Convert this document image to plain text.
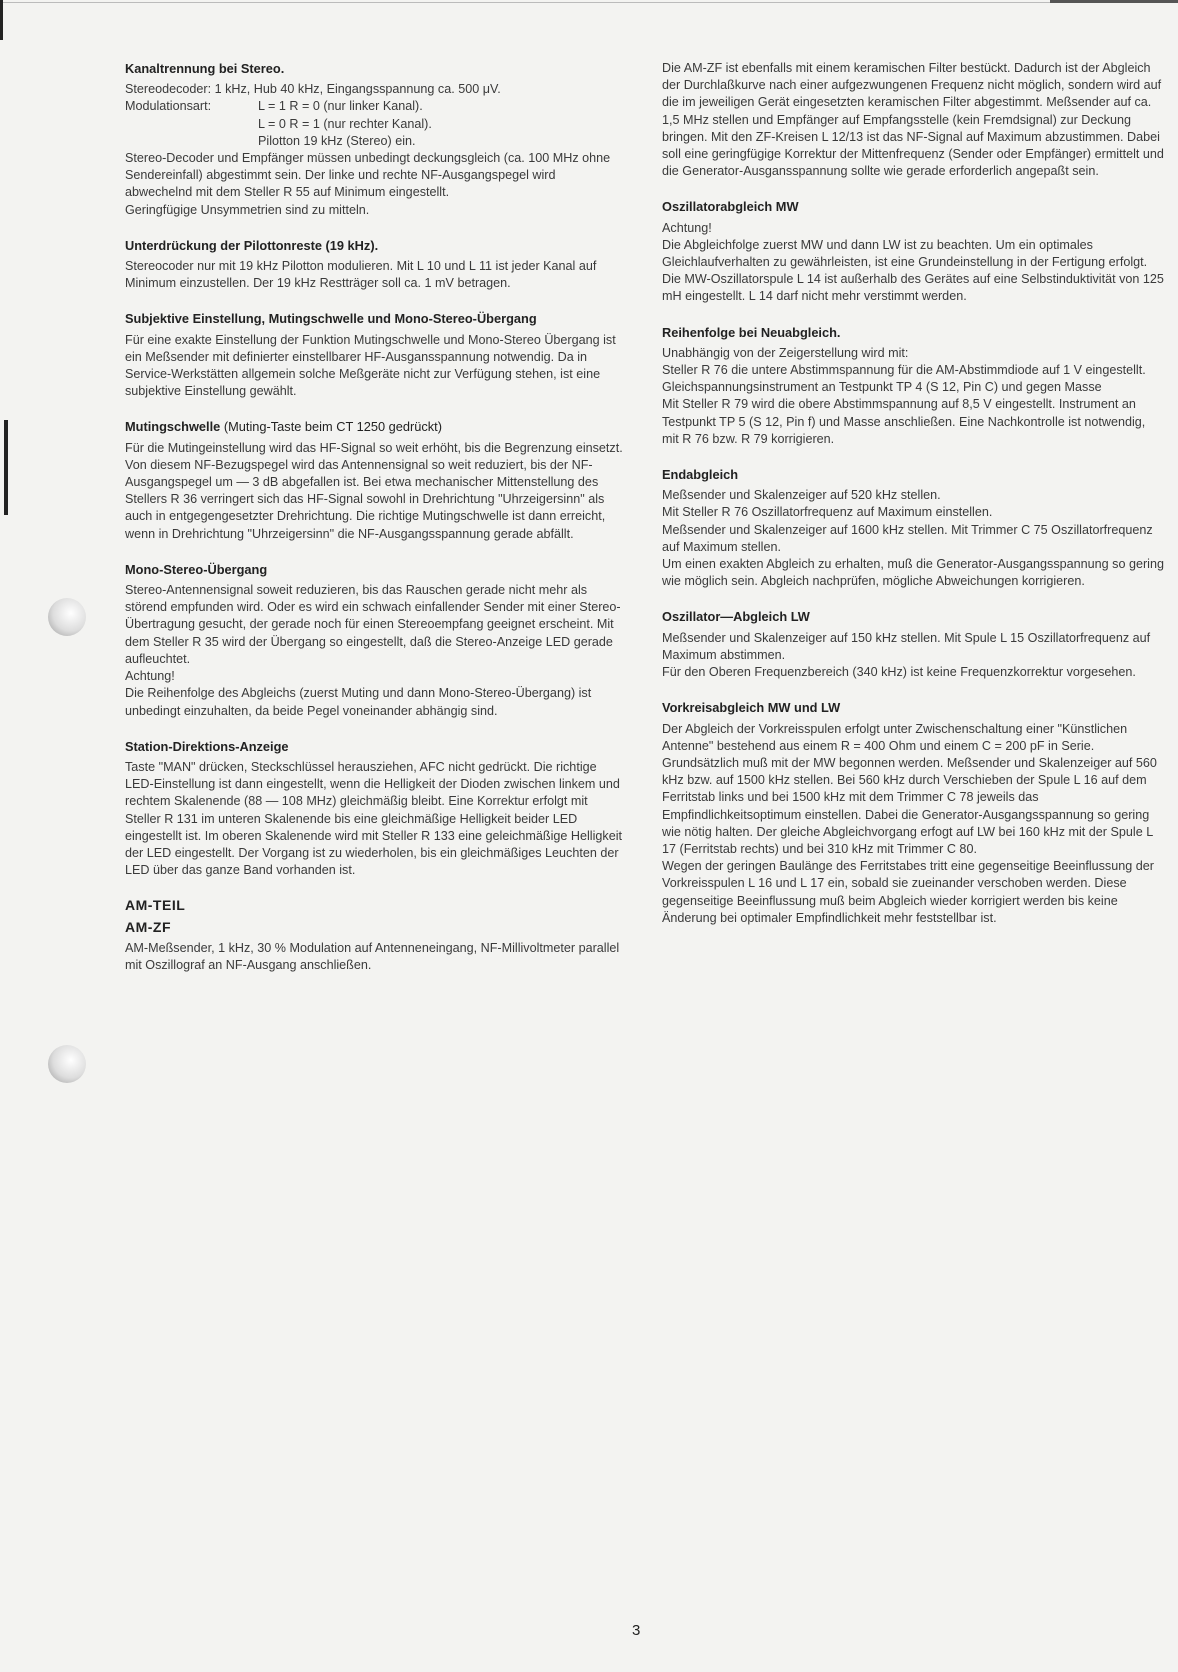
Kanaltrennung bei Stereo.

Stereodecoder: 1 kHz, Hub 40 kHz, Eingangsspannung ca. 500 μV.

Modulationsart:	L = 1 R = 0 (nur linker Kanal).

L = 0 R = 1 (nur rechter Kanal).

Pilotton 19 kHz (Stereo) ein.

Stereo-Decoder und Empfänger müssen unbedingt deckungsgleich (ca. 100 MHz ohne Sendereinfall) abgestimmt sein. Der linke und rechte NF-Ausgangspegel wird abwechelnd mit dem Steller R 55 auf Minimum eingestellt.

Geringfügige Unsymmetrien sind zu mitteln.

Unterdrückung der Pilottonreste (19 kHz).

Stereocoder nur mit 19 kHz Pilotton modulieren. Mit L 10 und L 11 ist jeder Kanal auf Minimum einzustellen. Der 19 kHz Restträger soll ca. 1 mV betragen.

Subjektive Einstellung, Mutingschwelle und Mono-Stereo-Übergang

Für eine exakte Einstellung der Funktion Mutingschwelle und Mono-Stereo Übergang ist ein Meßsender mit definierter einstellbarer HF-Ausgansspannung notwendig. Da in Service-Werkstätten allgemein solche Meßgeräte nicht zur Verfügung stehen, ist eine subjektive Einstellung gewählt.

Mutingschwelle (Muting-Taste beim CT 1250 gedrückt)

Für die Mutingeinstellung wird das HF-Signal so weit erhöht, bis die Begrenzung einsetzt. Von diesem NF-Bezugspegel wird das Antennensignal so weit reduziert, bis der NF-Ausgangspegel um — 3 dB abgefallen ist. Bei etwa mechanischer Mittenstellung des Stellers R 36 verringert sich das HF-Signal sowohl in Drehrichtung "Uhrzeigersinn" als auch in entgegengesetzter Drehrichtung. Die richtige Mutingschwelle ist dann erreicht, wenn in Drehrichtung "Uhrzeigersinn" die NF-Ausgangsspannung gerade abfällt.

Mono-Stereo-Übergang

Stereo-Antennensignal soweit reduzieren, bis das Rauschen gerade nicht mehr als störend empfunden wird. Oder es wird ein schwach einfallender Sender mit einer Stereo-Übertragung gesucht, der gerade noch für einen Stereoempfang geeignet erscheint. Mit dem Steller R 35 wird der Übergang so eingestellt, daß die Stereo-Anzeige LED gerade aufleuchtet.

Achtung!

Die Reihenfolge des Abgleichs (zuerst Muting und dann Mono-Stereo-Übergang) ist unbedingt einzuhalten, da beide Pegel voneinander abhängig sind.

Station-Direktions-Anzeige

Taste "MAN" drücken, Steckschlüssel herausziehen, AFC nicht gedrückt. Die richtige LED-Einstellung ist dann eingestellt, wenn die Helligkeit der Dioden zwischen linkem und rechtem Skalenende (88 — 108 MHz) gleichmäßig bleibt. Eine Korrektur erfolgt mit Steller R 131 im unteren Skalenende bis eine gleichmäßige Helligkeit beider LED eingestellt ist. Im oberen Skalenende wird mit Steller R 133 eine geleichmäßige Helligkeit der LED eingestellt. Der Vorgang ist zu wiederholen, bis ein gleichmäßiges Leuchten der LED über das ganze Band vorhanden ist.

AM-TEIL

AM-ZF

AM-Meßsender, 1 kHz, 30 % Modulation auf Antenneneingang, NF-Millivoltmeter parallel mit Oszillograf an NF-Ausgang anschließen.

Die AM-ZF ist ebenfalls mit einem keramischen Filter bestückt. Dadurch ist der Abgleich der Durchlaßkurve nach einer aufgezwungenen Frequenz nicht möglich, sondern wird auf die im jeweiligen Gerät eingesetzten keramischen Filter abgestimmt. Meßsender auf ca. 1,5 MHz stellen und Empfänger auf Empfangsstelle (kein Fremdsignal) zur Deckung bringen. Mit den ZF-Kreisen L 12/13 ist das NF-Signal auf Maximum abzustimmen. Dabei soll eine geringfügige Korrektur der Mittenfrequenz (Sender oder Empfänger) ermittelt und die Generator-Ausgansspannung sollte wie gerade erforderlich angepaßt sein.

Oszillatorabgleich MW

Achtung!

Die Abgleichfolge zuerst MW und dann LW ist zu beachten. Um ein optimales Gleichlaufverhalten zu gewährleisten, ist eine Grundeinstellung in der Fertigung erfolgt. Die MW-Oszillatorspule L 14 ist außerhalb des Gerätes auf eine Selbstinduktivität von 125 mH eingestellt. L 14 darf nicht mehr verstimmt werden.

Reihenfolge bei Neuabgleich.

Unabhängig von der Zeigerstellung wird mit:

Steller R 76 die untere Abstimmspannung für die AM-Abstimmdiode auf 1 V eingestellt. Gleichspannungsinstrument an Testpunkt TP 4 (S 12, Pin C) und gegen Masse

Mit Steller R 79 wird die obere Abstimmspannung auf 8,5 V eingestellt. Instrument an Testpunkt TP 5 (S 12, Pin f) und Masse anschließen. Eine Nachkontrolle ist notwendig, mit R 76 bzw. R 79 korrigieren.

Endabgleich

Meßsender und Skalenzeiger auf 520 kHz stellen.

Mit Steller R 76 Oszillatorfrequenz auf Maximum einstellen.

Meßsender und Skalenzeiger auf 1600 kHz stellen. Mit Trimmer C 75 Oszillatorfrequenz auf Maximum stellen.

Um einen exakten Abgleich zu erhalten, muß die Generator-Ausgangsspannung so gering wie möglich sein. Abgleich nachprüfen, mögliche Abweichungen korrigieren.

Oszillator—Abgleich LW

Meßsender und Skalenzeiger auf 150 kHz stellen. Mit Spule L 15 Oszillatorfrequenz auf Maximum abstimmen.

Für den Oberen Frequenzbereich (340 kHz) ist keine Frequenzkorrektur vorgesehen.

Vorkreisabgleich MW und LW

Der Abgleich der Vorkreisspulen erfolgt unter Zwischenschaltung einer "Künstlichen Antenne" bestehend aus einem R = 400 Ohm und einem C = 200 pF in Serie.

Grundsätzlich muß mit der MW begonnen werden. Meßsender und Skalenzeiger auf 560 kHz bzw. auf 1500 kHz stellen. Bei 560 kHz durch Verschieben der Spule L 16 auf dem Ferritstab links und bei 1500 kHz mit dem Trimmer C 78 jeweils das Empfindlichkeitsoptimum einstellen. Dabei die Generator-Ausgangsspannung so gering wie nötig halten. Der gleiche Abgleichvorgang erfogt auf LW bei 160 kHz mit der Spule L 17 (Ferritstab rechts) und bei 310 kHz mit Trimmer C 80.

Wegen der geringen Baulänge des Ferritstabes tritt eine gegenseitige Beeinflussung der Vorkreisspulen L 16 und L 17 ein, sobald sie zueinander verschoben werden. Diese gegenseitige Beeinflussung muß beim Abgleich wieder korrigiert werden bis keine Änderung bei optimaler Empfindlichkeit mehr feststellbar ist.

3
